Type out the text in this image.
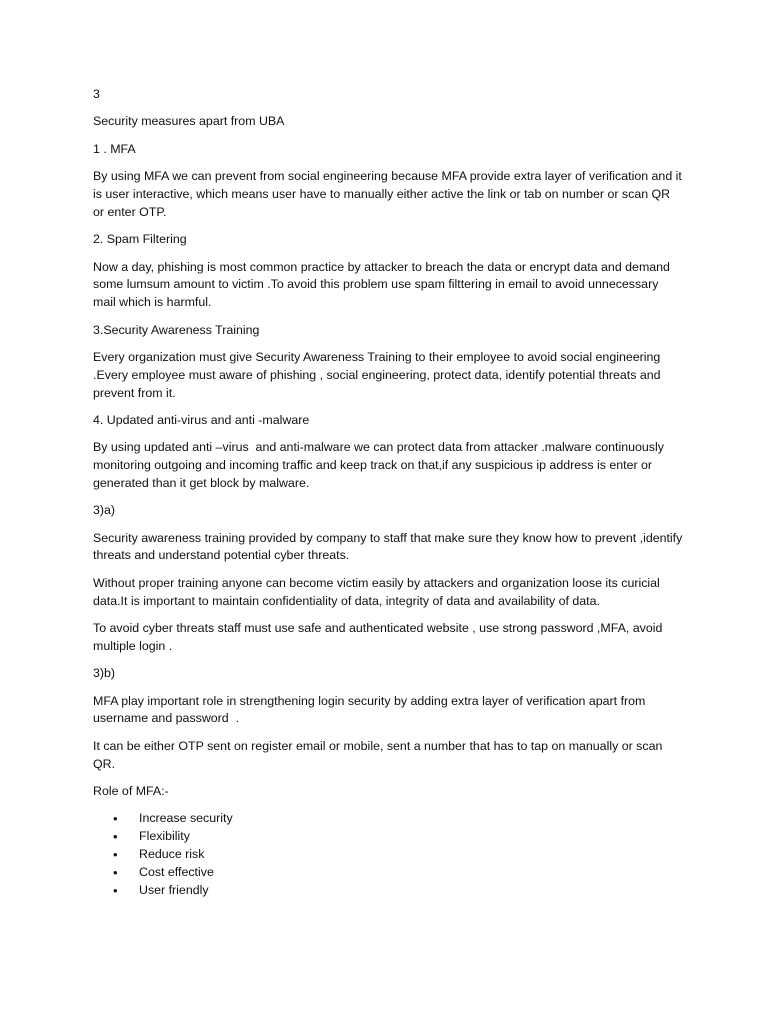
3

Security measures apart from UBA

1 . MFA

By using MFA we can prevent from social engineering because MFA provide extra layer of verification and it is user interactive, which means user have to manually either active the link or tab on number or scan QR or enter OTP.

2. Spam Filtering

Now a day, phishing is most common practice by attacker to breach the data or encrypt data and demand some lumsum amount to victim .To avoid this problem use spam filttering in email to avoid unnecessary  mail which is harmful.

3.Security Awareness Training

Every organization must give Security Awareness Training to their employee to avoid social engineering .Every employee must aware of phishing , social engineering, protect data, identify potential threats and prevent from it.

4. Updated anti-virus and anti -malware

By using updated anti –virus  and anti-malware we can protect data from attacker .malware continuously monitoring outgoing and incoming traffic and keep track on that,if any suspicious ip address is enter or generated than it get block by malware.

3)a)

Security awareness training provided by company to staff that make sure they know how to prevent ,identify threats and understand potential cyber threats.

Without proper training anyone can become victim easily by attackers and organization loose its curicial data.It is important to maintain confidentiality of data, integrity of data and availability of data.

To avoid cyber threats staff must use safe and authenticated website , use strong password ,MFA, avoid multiple login .

3)b)

MFA play important role in strengthening login security by adding extra layer of verification apart from username and password  .

It can be either OTP sent on register email or mobile, sent a number that has to tap on manually or scan QR.

Role of MFA:-

• Increase security
• Flexibility
• Reduce risk
• Cost effective
• User friendly
